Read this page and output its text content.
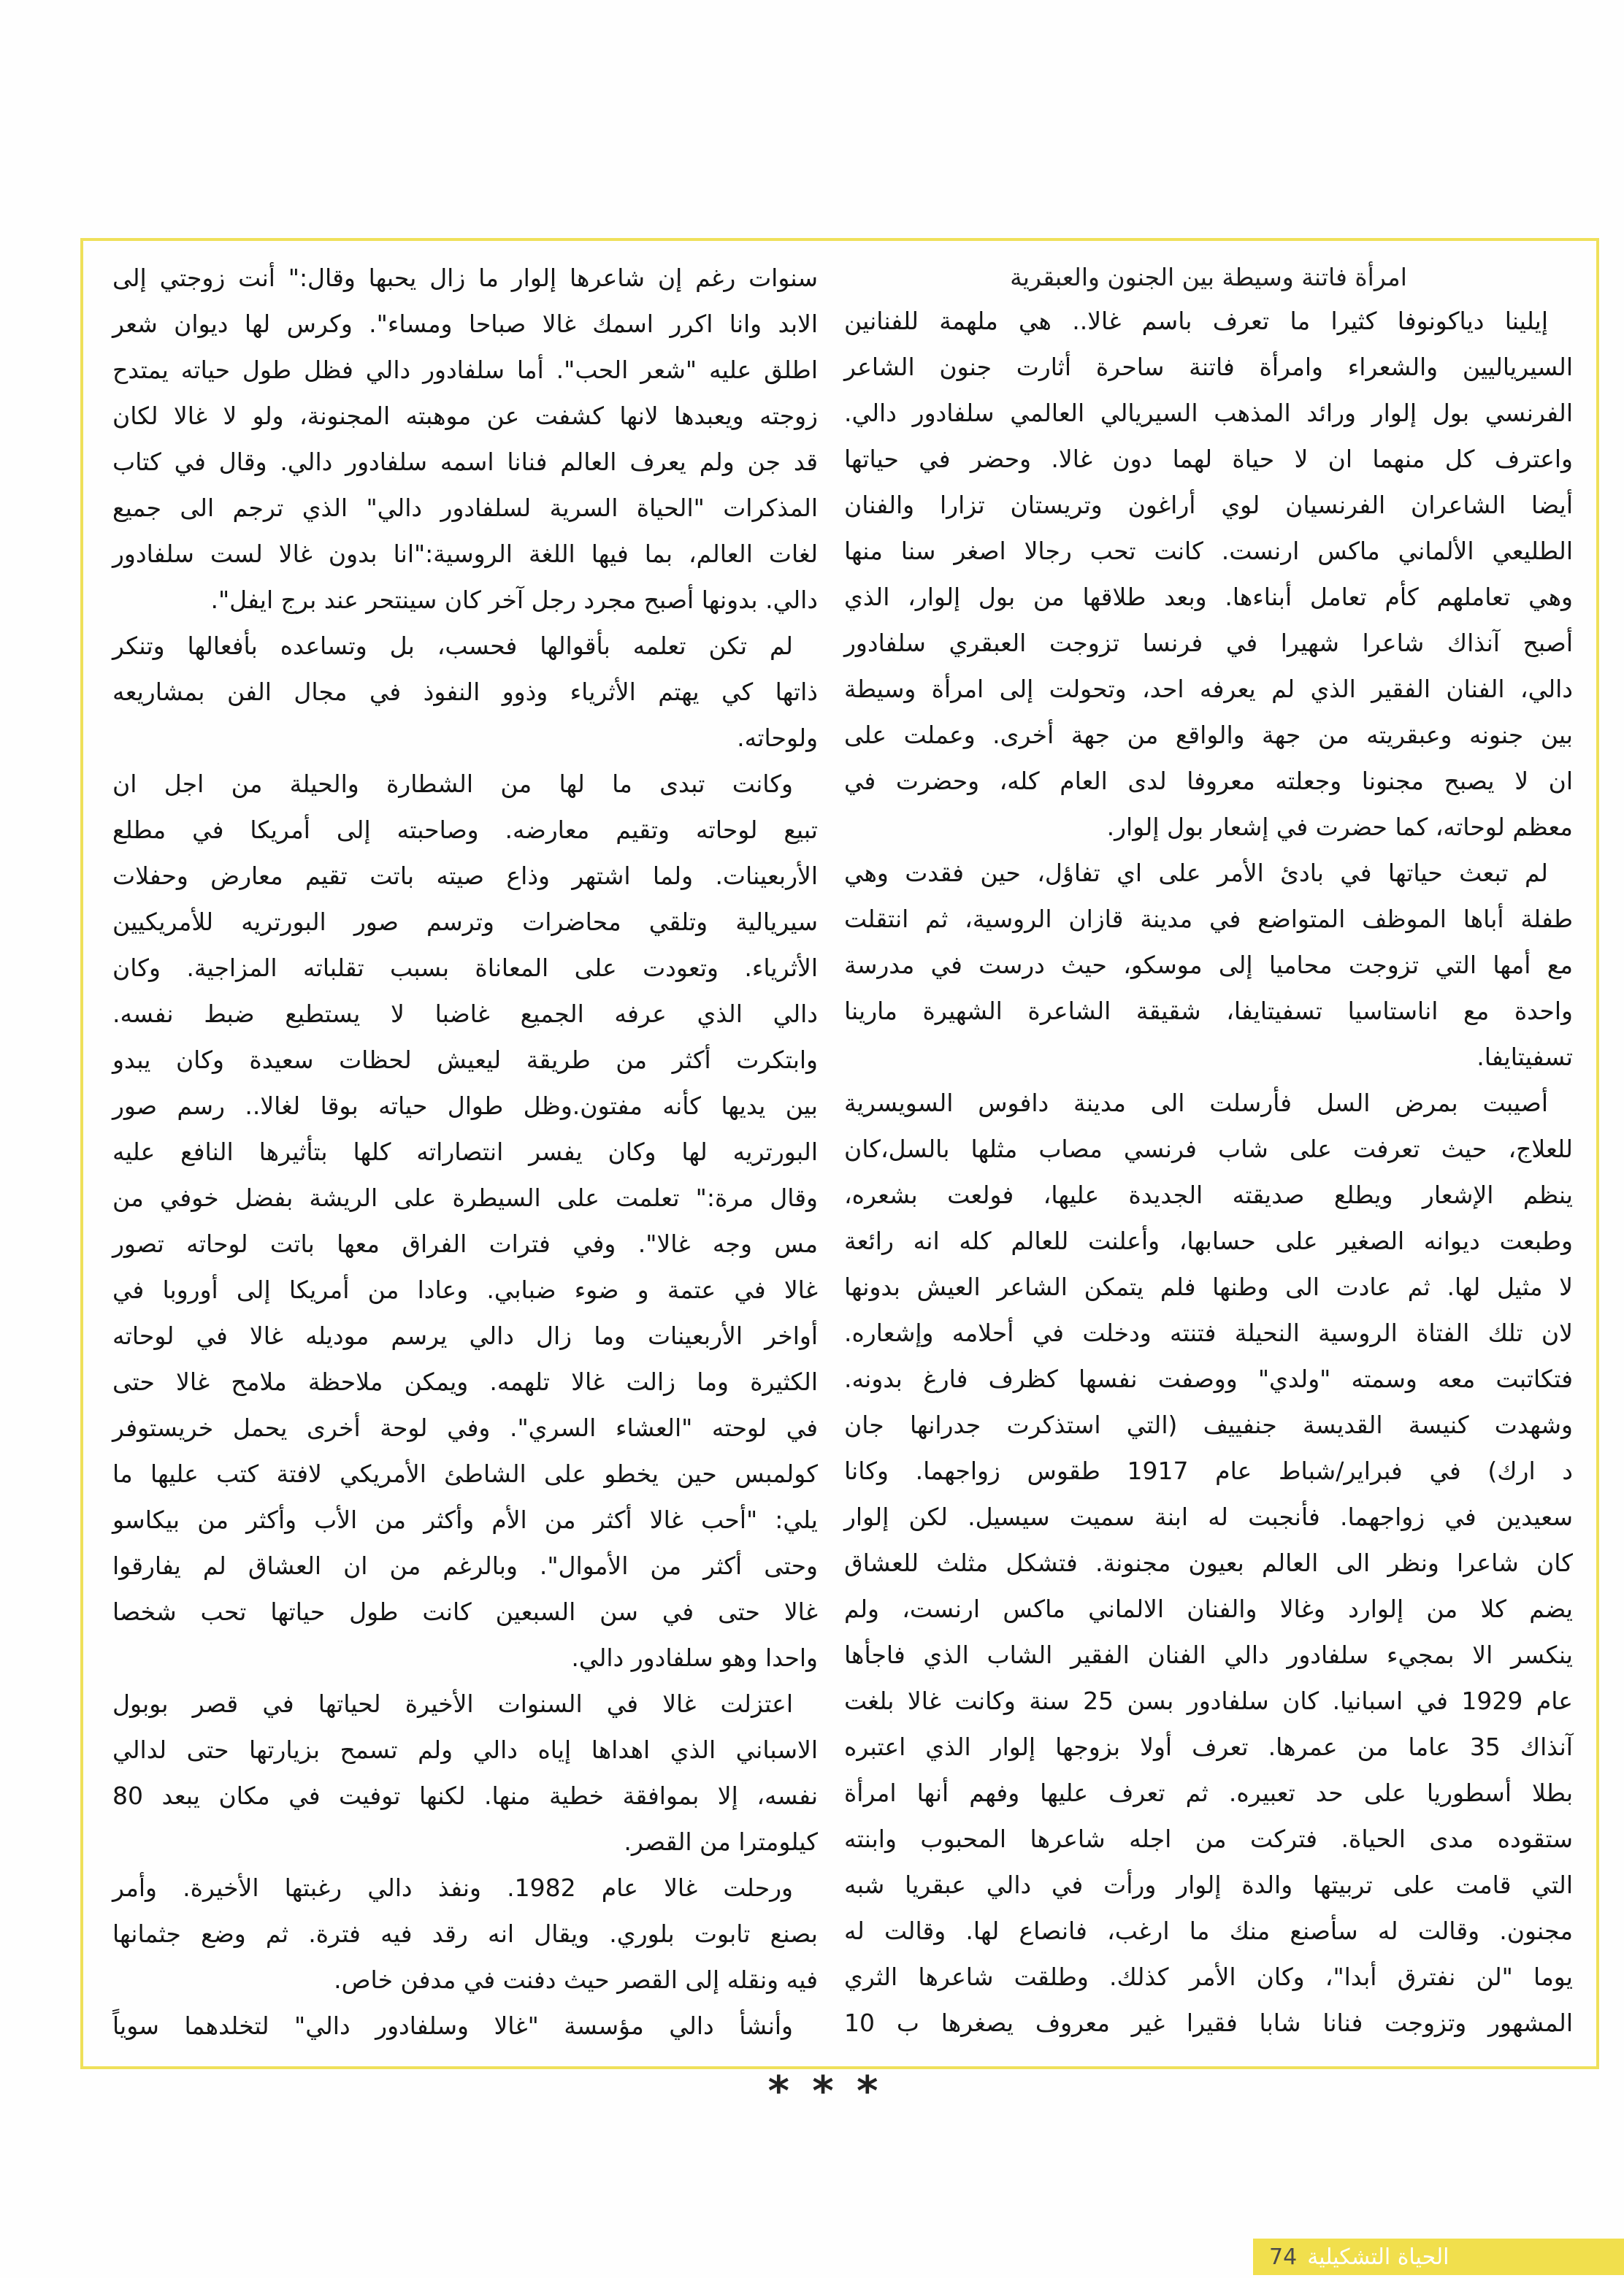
امرأة فاتنة وسيطة بين الجنون والعبقرية
إيلينا دياكونوفا كثيرا ما تعرف باسم غالا.. هي ملهمة للفنانين
السيرياليين والشعراء وامرأة فاتنة ساحرة أثارت جنون الشاعر
الفرنسي بول إلوار ورائد المذهب السيريالي العالمي سلفادور دالي.
واعترف كل منهما ان لا حياة لهما دون غالا. وحضر في حياتها
أيضا الشاعران الفرنسيان لوي أراغون وتريستان تزارا والفنان
الطليعي الألماني ماكس ارنست. كانت تحب رجالا اصغر سنا منها
وهي تعاملهم كأم تعامل أبناءها. وبعد طلاقها من بول إلوار، الذي
أصبح آنذاك شاعرا شهيرا في فرنسا تزوجت العبقري سلفادور
دالي، الفنان الفقير الذي لم يعرفه احد، وتحولت إلى امرأة وسيطة
بين جنونه وعبقريته من جهة والواقع من جهة أخرى. وعملت على
ان لا يصبح مجنونا وجعلته معروفا لدى العام كله، وحضرت في
معظم لوحاته، كما حضرت في إشعار بول إلوار.
لم تبعث حياتها في بادئ الأمر على اي تفاؤل، حين فقدت وهي
طفلة أباها الموظف المتواضع في مدينة قازان الروسية، ثم انتقلت
مع أمها التي تزوجت محاميا إلى موسكو، حيث درست في مدرسة
واحدة مع اناستاسيا تسفيتايفا، شقيقة الشاعرة الشهيرة مارينا
تسفيتايفا.
أصيبت بمرض السل فأرسلت الى مدينة دافوس السويسرية
للعلاج، حيث تعرفت على شاب فرنسي مصاب مثلها بالسل،كان
ينظم الإشعار ويطلع صديقته الجديدة عليها، فولعت بشعره،
وطبعت ديوانه الصغير على حسابها، وأعلنت للعالم كله انه رائعة
لا مثيل لها. ثم عادت الى وطنها فلم يتمكن الشاعر العيش بدونها
لان تلك الفتاة الروسية النحيلة فتنته ودخلت في أحلامه وإشعاره.
فتكاتبت معه وسمته "ولدي" ووصفت نفسها كظرف فارغ بدونه.
وشهدت كنيسة القديسة جنفييف (التي استذكرت جدرانها جان
د ارك) في فبراير/شباط عام 1917 طقوس زواجهما. وكانا
سعيدين في زواجهما. فأنجبت له ابنة سميت سيسيل. لكن إلوار
كان شاعرا ونظر الى العالم بعيون مجنونة. فتشكل مثلث للعشاق
يضم كلا من إلوارد وغالا والفنان الالماني ماكس ارنست، ولم
ينكسر الا بمجيء سلفادور دالي الفنان الفقير الشاب الذي فاجأها
عام 1929 في اسبانيا. كان سلفادور بسن 25 سنة وكانت غالا بلغت
آنذاك 35 عاما من عمرها. تعرف أولا بزوجها إلوار الذي اعتبره
بطلا أسطوريا على حد تعبيره. ثم تعرف عليها وفهم أنها امرأة
ستقوده مدى الحياة. فتركت من اجله شاعرها المحبوب وابنته
التي قامت على تربيتها والدة إلوار ورأت في دالي عبقريا شبه
مجنون. وقالت له سأصنع منك ما ارغب، فانصاع لها. وقالت له
يوما "لن نفترق أبدا"، وكان الأمر كذلك. وطلقت شاعرها الثري
المشهور وتزوجت فنانا شابا فقيرا غير معروف يصغرها ب 10
سنوات رغم إن شاعرها إلوار ما زال يحبها وقال:" أنت زوجتي إلى
الابد وانا اكرر اسمك غالا صباحا ومساء". وكرس لها ديوان شعر
اطلق عليه "شعر الحب". أما سلفادور دالي فظل طول حياته يمتدح
زوجته ويعبدها لانها كشفت عن موهبته المجنونة، ولو لا غالا لكان
قد جن ولم يعرف العالم فنانا اسمه سلفادور دالي. وقال في كتاب
المذكرات "الحياة السرية لسلفادور دالي" الذي ترجم الى جميع
لغات العالم، بما فيها اللغة الروسية:"انا بدون غالا لست سلفادور
دالي. بدونها أصبح مجرد رجل آخر كان سينتحر عند برج ايفل".
لم تكن تعلمه بأقوالها فحسب، بل وتساعده بأفعالها وتنكر
ذاتها كي يهتم الأثرياء وذوو النفوذ في مجال الفن بمشاريعه
ولوحاته.
وكانت تبدى ما لها من الشطارة والحيلة من اجل ان
تبيع لوحاته وتقيم معارضه. وصاحبته إلى أمريكا في مطلع
الأربعينات. ولما اشتهر وذاع صيته باتت تقيم معارض وحفلات
سيريالية وتلقي محاضرات وترسم صور البورتريه للأمريكيين
الأثرياء. وتعودت على المعاناة بسبب تقلباته المزاجية. وكان
دالي الذي عرفه الجميع غاضبا لا يستطيع ضبط نفسه.
وابتكرت أكثر من طريقة ليعيش لحظات سعيدة وكان يبدو
بين يديها كأنه مفتون.وظل طوال حياته بوقا لغالا.. رسم صور
البورتريه لها وكان يفسر انتصاراته كلها بتأثيرها النافع عليه
وقال مرة:" تعلمت على السيطرة على الريشة بفضل خوفي من
مس وجه غالا". وفي فترات الفراق معها باتت لوحاته تصور
غالا في عتمة و ضوء ضبابي. وعادا من أمريكا إلى أوروبا في
أواخر الأربعينات وما زال دالي يرسم موديله غالا في لوحاته
الكثيرة وما زالت غالا تلهمه. ويمكن ملاحظة ملامح غالا حتى
في لوحته "العشاء السري". وفي لوحة أخرى يحمل خريستوفر
كولمبس حين يخطو على الشاطئ الأمريكي لافتة كتب عليها ما
يلي: "أحب غالا أكثر من الأم وأكثر من الأب وأكثر من بيكاسو
وحتى أكثر من الأموال". وبالرغم من ان العشاق لم يفارقوا
غالا حتى في سن السبعين كانت طول حياتها تحب شخصا
واحدا وهو سلفادور دالي.
اعتزلت غالا في السنوات الأخيرة لحياتها في قصر بوبول
الاسباني الذي اهداها إياه دالي ولم تسمح بزيارتها حتى لدالي
نفسه، إلا بموافقة خطية منها. لكنها توفيت في مكان يبعد 80
كيلومترا من القصر.
ورحلت غالا عام 1982. ونفذ دالي رغبتها الأخيرة. وأمر
بصنع تابوت بلوري. ويقال انه رقد فيه فترة. ثم وضع جثمانها
فيه ونقله إلى القصر حيث دفنت في مدفن خاص.
وأنشأ دالي مؤسسة "غالا وسلفادور دالي" لتخلدهما سوياً
* * *
74 الحياة التشكيلية
